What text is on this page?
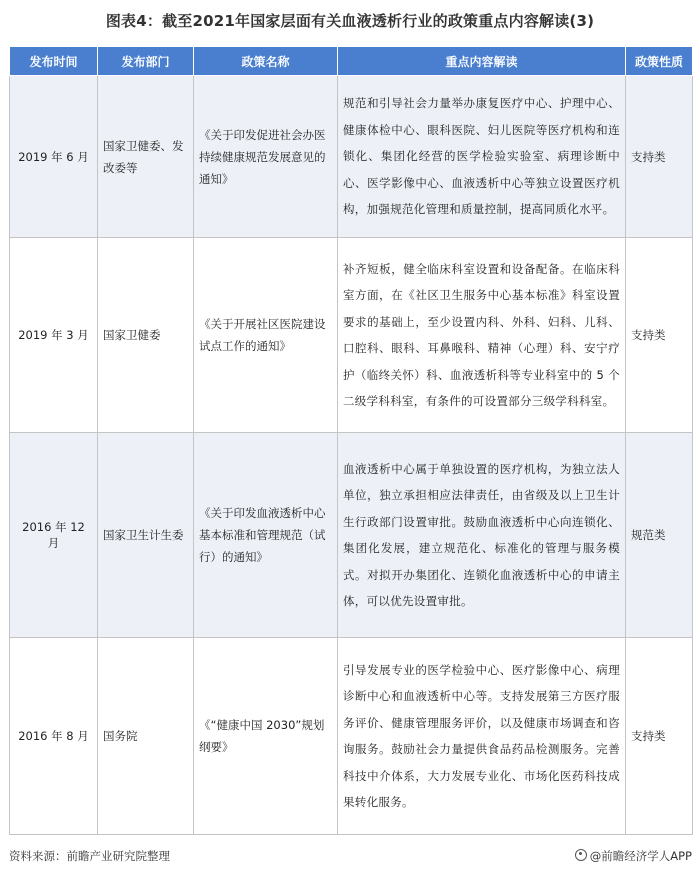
图表4：截至2021年国家层面有关血液透析行业的政策重点内容解读(3)
发布时间	发布部门	政策名称	重点内容解读	政策性质
2019 年 6 月	国家卫健委、发改委等	《关于印发促进社会办医持续健康规范发展意见的通知》	规范和引导社会力量举办康复医疗中心、护理中心、健康体检中心、眼科医院、妇儿医院等医疗机构和连锁化、集团化经营的医学检验实验室、病理诊断中心、医学影像中心、血液透析中心等独立设置医疗机构，加强规范化管理和质量控制，提高同质化水平。	支持类
2019 年 3 月	国家卫健委	《关于开展社区医院建设试点工作的通知》	补齐短板，健全临床科室设置和设备配备。在临床科室方面，在《社区卫生服务中心基本标准》科室设置要求的基础上，至少设置内科、外科、妇科、儿科、口腔科、眼科、耳鼻喉科、精神（心理）科、安宁疗护（临终关怀）科、血液透析科等专业科室中的 5 个二级学科科室，有条件的可设置部分三级学科科室。	支持类
2016 年 12 月	国家卫生计生委	《关于印发血液透析中心基本标准和管理规范（试行）的通知》	血液透析中心属于单独设置的医疗机构，为独立法人单位，独立承担相应法律责任，由省级及以上卫生计生行政部门设置审批。鼓励血液透析中心向连锁化、集团化发展，建立规范化、标准化的管理与服务模式。对拟开办集团化、连锁化血液透析中心的申请主体，可以优先设置审批。	规范类
2016 年 8 月	国务院	《“健康中国 2030”规划纲要》	引导发展专业的医学检验中心、医疗影像中心、病理诊断中心和血液透析中心等。支持发展第三方医疗服务评价、健康管理服务评价，以及健康市场调查和咨询服务。鼓励社会力量提供食品药品检测服务。完善科技中介体系，大力发展专业化、市场化医药科技成果转化服务。	支持类
资料来源：前瞻产业研究院整理	@前瞻经济学人APP
